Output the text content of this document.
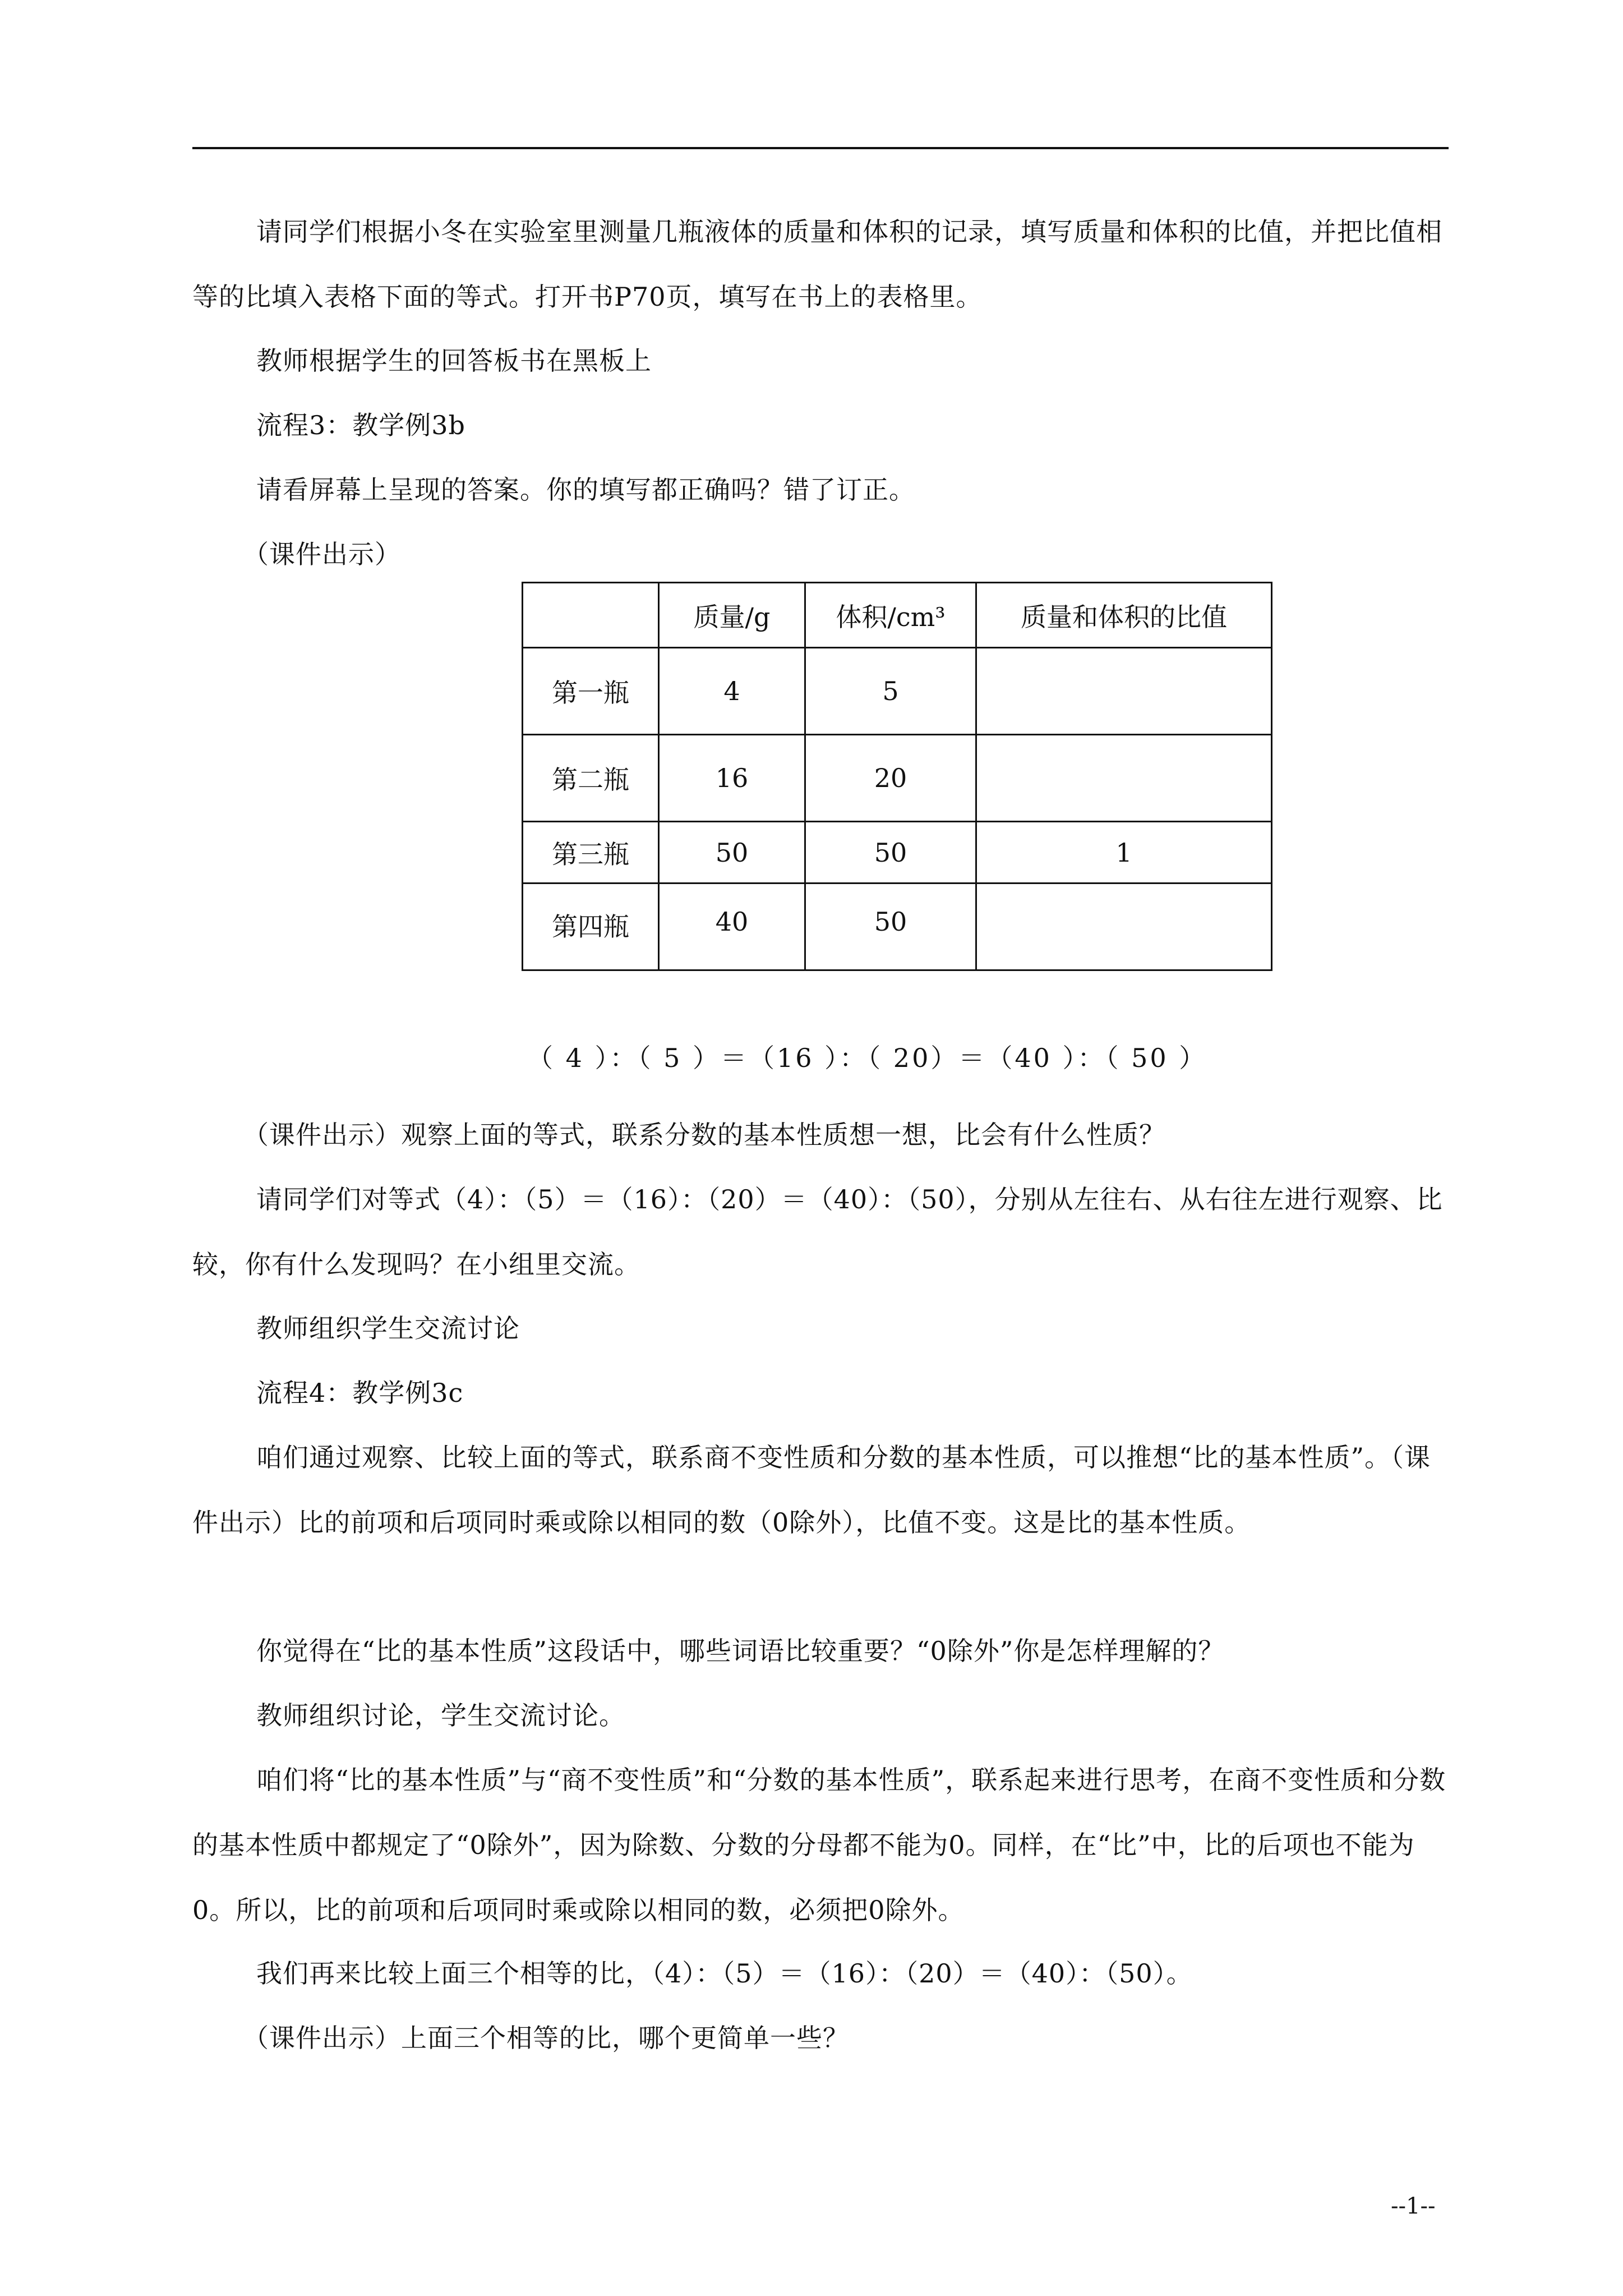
请同学们根据小冬在实验室里测量几瓶液体的质量和体积的记录，填写质量和体积的比值，并把比值相等的比填入表格下面的等式。打开书P70页，填写在书上的表格里。

教师根据学生的回答板书在黑板上

流程3：教学例3b

请看屏幕上呈现的答案。你的填写都正确吗？错了订正。

（课件出示）

	质量/g	体积/cm³	质量和体积的比值
第一瓶	4	5	
第二瓶	16	20	
第三瓶	50	50	1
第四瓶	40	50	
（ 4 ）：（ 5 ）＝（16 ）：（ 20）＝（40 ）：（ 50 ）

（课件出示）观察上面的等式，联系分数的基本性质想一想，比会有什么性质？

请同学们对等式（4）：（5）＝（16）：（20）＝（40）：（50），分别从左往右、从右往左进行观察、比较，你有什么发现吗？在小组里交流。

教师组织学生交流讨论

流程4：教学例3c

咱们通过观察、比较上面的等式，联系商不变性质和分数的基本性质，可以推想“比的基本性质”。（课件出示）比的前项和后项同时乘或除以相同的数（0除外），比值不变。这是比的基本性质。

你觉得在“比的基本性质”这段话中，哪些词语比较重要？“0除外”你是怎样理解的？

教师组织讨论，学生交流讨论。

咱们将“比的基本性质”与“商不变性质”和“分数的基本性质”，联系起来进行思考，在商不变性质和分数的基本性质中都规定了“0除外”，因为除数、分数的分母都不能为0。同样，在“比”中，比的后项也不能为0。所以，比的前项和后项同时乘或除以相同的数，必须把0除外。

我们再来比较上面三个相等的比，（4）：（5）＝（16）：（20）＝（40）：（50）。

（课件出示）上面三个相等的比，哪个更简单一些？

--1--
